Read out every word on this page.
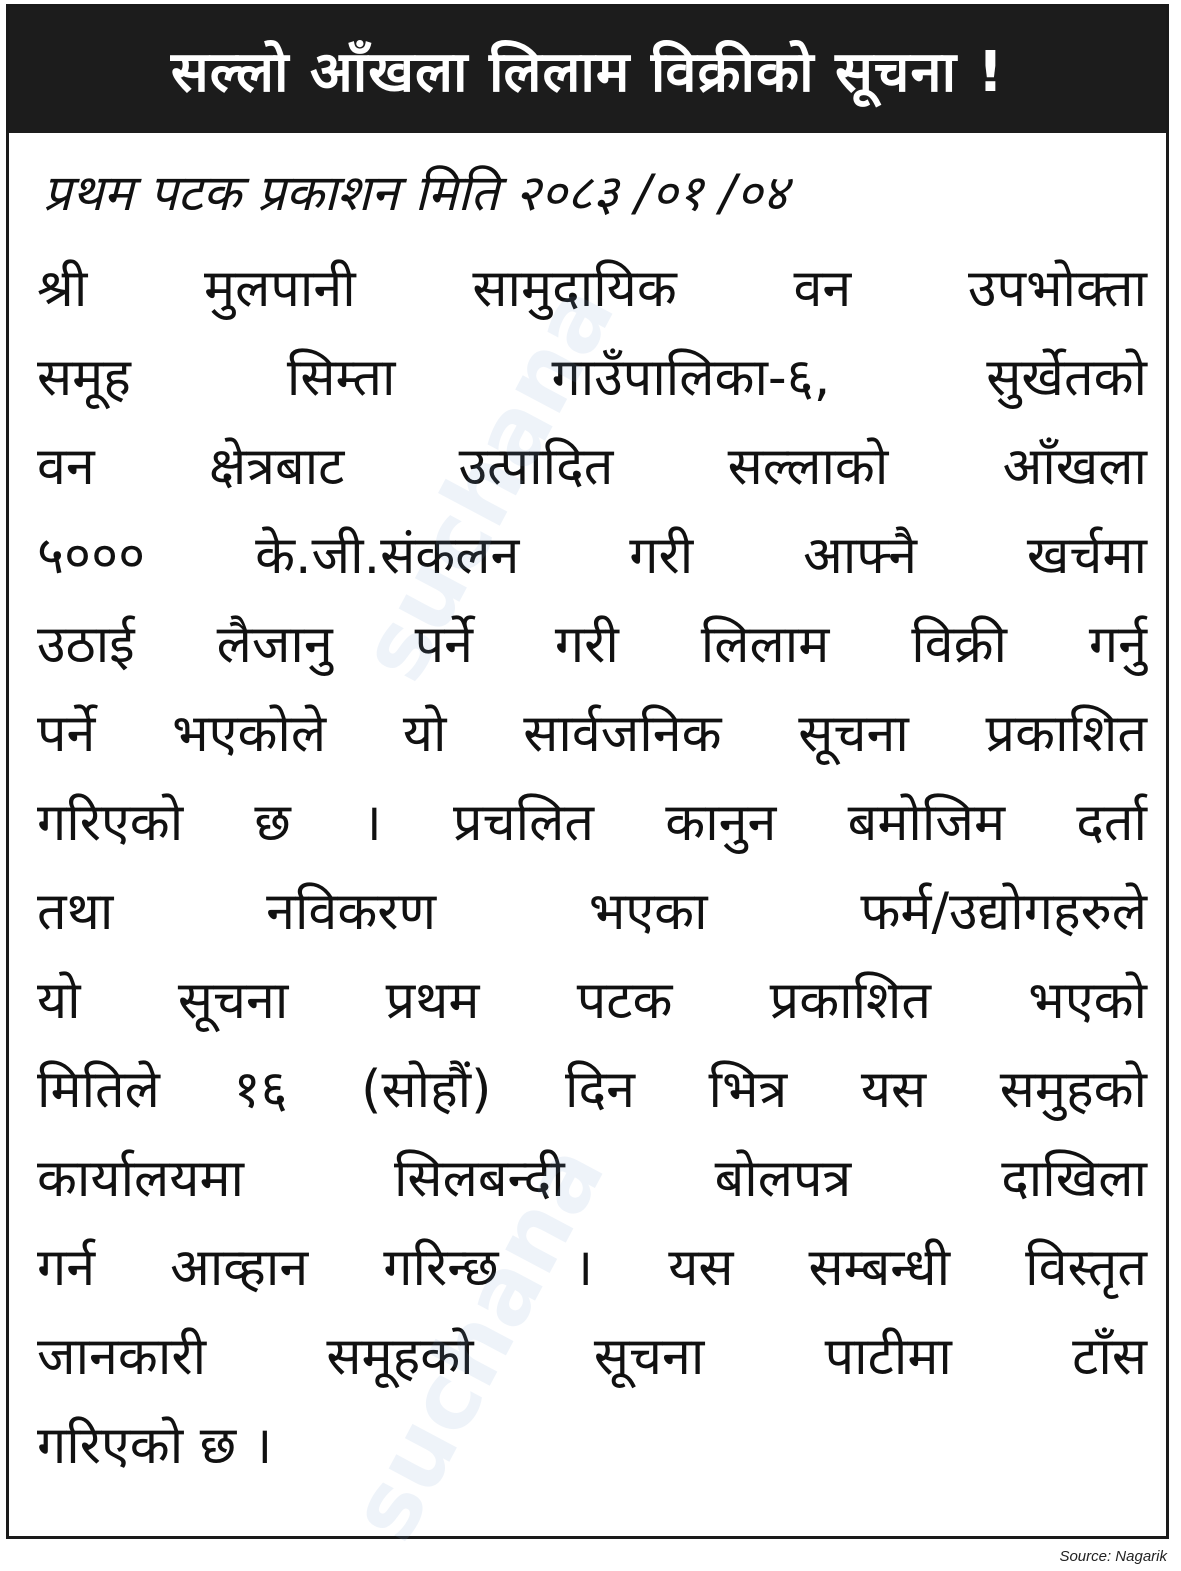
सल्लो आँखला लिलाम विक्रीको सूचना !
प्रथम पटक प्रकाशन मिति २०८३ /०१ /०४
श्री मुलपानी सामुदायिक वन उपभोक्ता
समूह सिम्ता गाउँपालिका-६, सुर्खेतको
वन क्षेत्रबाट उत्पादित सल्लाको आँखला
५००० के.जी.संकलन गरी आफ्नै खर्चमा
उठाई लैजानु पर्ने गरी लिलाम विक्री गर्नु
पर्ने भएकोले यो सार्वजनिक सूचना प्रकाशित
गरिएको छ । प्रचलित कानुन बमोजिम दर्ता
तथा नविकरण भएका फर्म/उद्योगहरुले
यो सूचना प्रथम पटक प्रकाशित भएको
मितिले १६ (सोहौं) दिन भित्र यस समुहको
कार्यालयमा सिलबन्दी बोलपत्र दाखिला
गर्न आव्हान गरिन्छ । यस सम्बन्धी विस्तृत
जानकारी समूहको सूचना पाटीमा टाँस
गरिएको छ ।
suchana
suchana	Source: Nagarik
